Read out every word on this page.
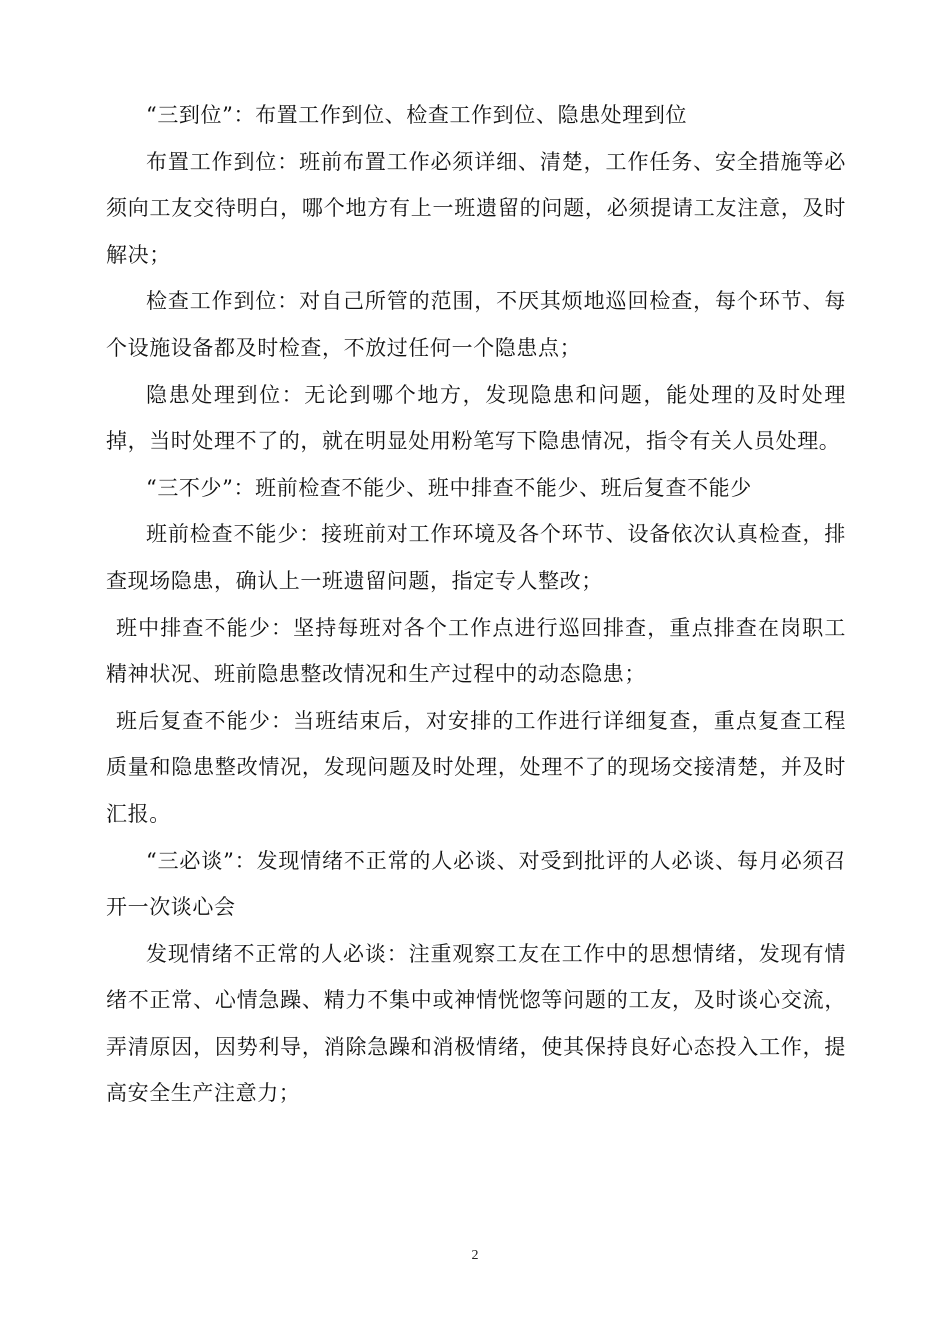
“三到位”：布置工作到位、检查工作到位、隐患处理到位

布置工作到位：班前布置工作必须详细、清楚，工作任务、安全措施等必须向工友交待明白，哪个地方有上一班遗留的问题，必须提请工友注意，及时解决；

检查工作到位：对自己所管的范围，不厌其烦地巡回检查，每个环节、每个设施设备都及时检查，不放过任何一个隐患点；

隐患处理到位：无论到哪个地方，发现隐患和问题，能处理的及时处理掉，当时处理不了的，就在明显处用粉笔写下隐患情况，指令有关人员处理。

“三不少”：班前检查不能少、班中排查不能少、班后复查不能少

班前检查不能少：接班前对工作环境及各个环节、设备依次认真检查，排查现场隐患，确认上一班遗留问题，指定专人整改；

班中排查不能少：坚持每班对各个工作点进行巡回排查，重点排查在岗职工精神状况、班前隐患整改情况和生产过程中的动态隐患；

班后复查不能少：当班结束后，对安排的工作进行详细复查，重点复查工程质量和隐患整改情况，发现问题及时处理，处理不了的现场交接清楚，并及时汇报。

“三必谈”：发现情绪不正常的人必谈、对受到批评的人必谈、每月必须召开一次谈心会

发现情绪不正常的人必谈：注重观察工友在工作中的思想情绪，发现有情绪不正常、心情急躁、精力不集中或神情恍惚等问题的工友，及时谈心交流，弄清原因，因势利导，消除急躁和消极情绪，使其保持良好心态投入工作，提高安全生产注意力；

2
